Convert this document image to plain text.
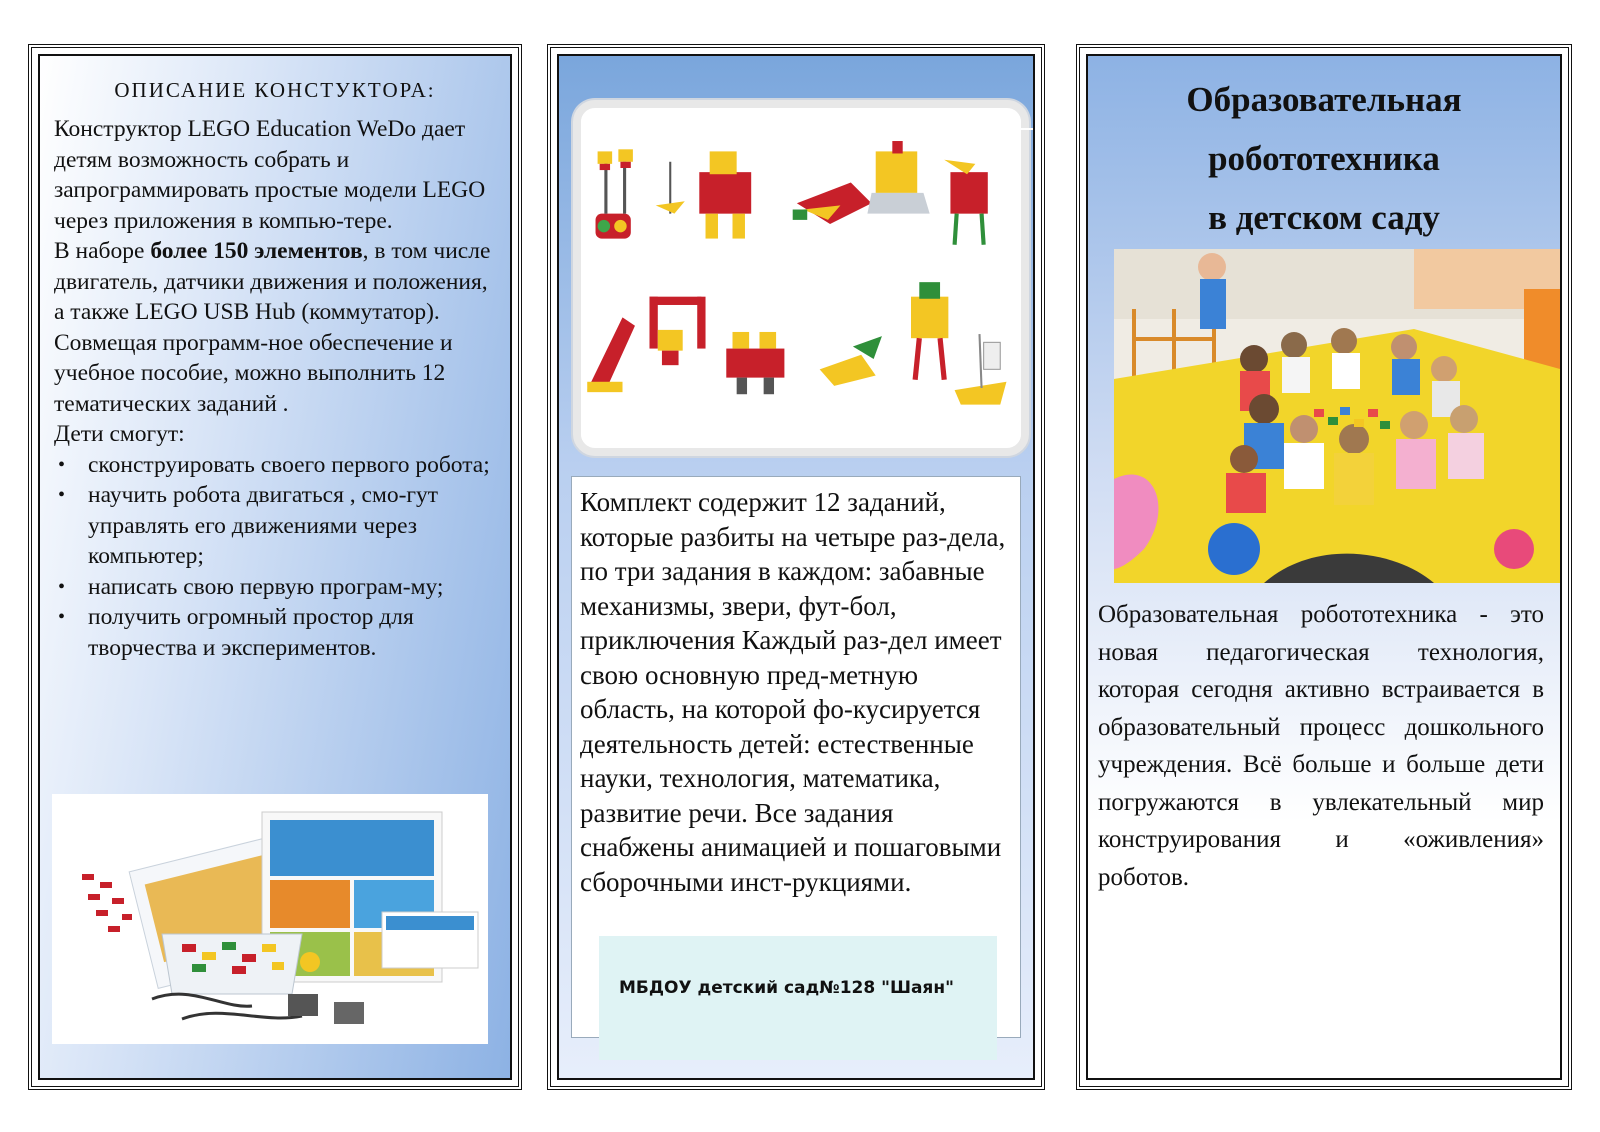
ОПИСАНИЕ КОНСТУКТОРА:

Конструктор LEGO Education WeDo дает детям возможность собрать и запрограммировать простые модели LEGO через приложения в компью-тере.

В наборе более 150 элементов, в том числе двигатель, датчики движения и положения, а также LEGO USB Hub (коммутатор). Совмещая программ-ное обеспечение и учебное пособие, можно выполнить 12 тематических заданий .

Дети смогут:

• сконструировать своего первого робота;
• научить робота двигаться , смо-гут управлять его движениями через компьютер;
• написать свою первую програм-му;
• получить огромный простор для творчества и экспериментов.
Комплект содержит 12 заданий, которые разбиты на четыре раз-дела, по три задания в каждом: забавные механизмы, звери, фут-бол, приключения Каждый раз-дел имеет свою основную пред-метную область, на которой фо-кусируется деятельность детей: естественные науки, технология, математика, развитие речи. Все задания снабжены анимацией и пошаговыми сборочными инст-рукциями.
МБДОУ детский сад№128 "Шаян"
Образовательная
робототехника
в детском саду
Образовательная робототехника - это новая педагогическая технология, которая сегодня активно встраивается в образовательный процесс дошкольного учреждения. Всё больше и больше дети погружаются в увлекательный мир конструирования и «оживления» роботов.
